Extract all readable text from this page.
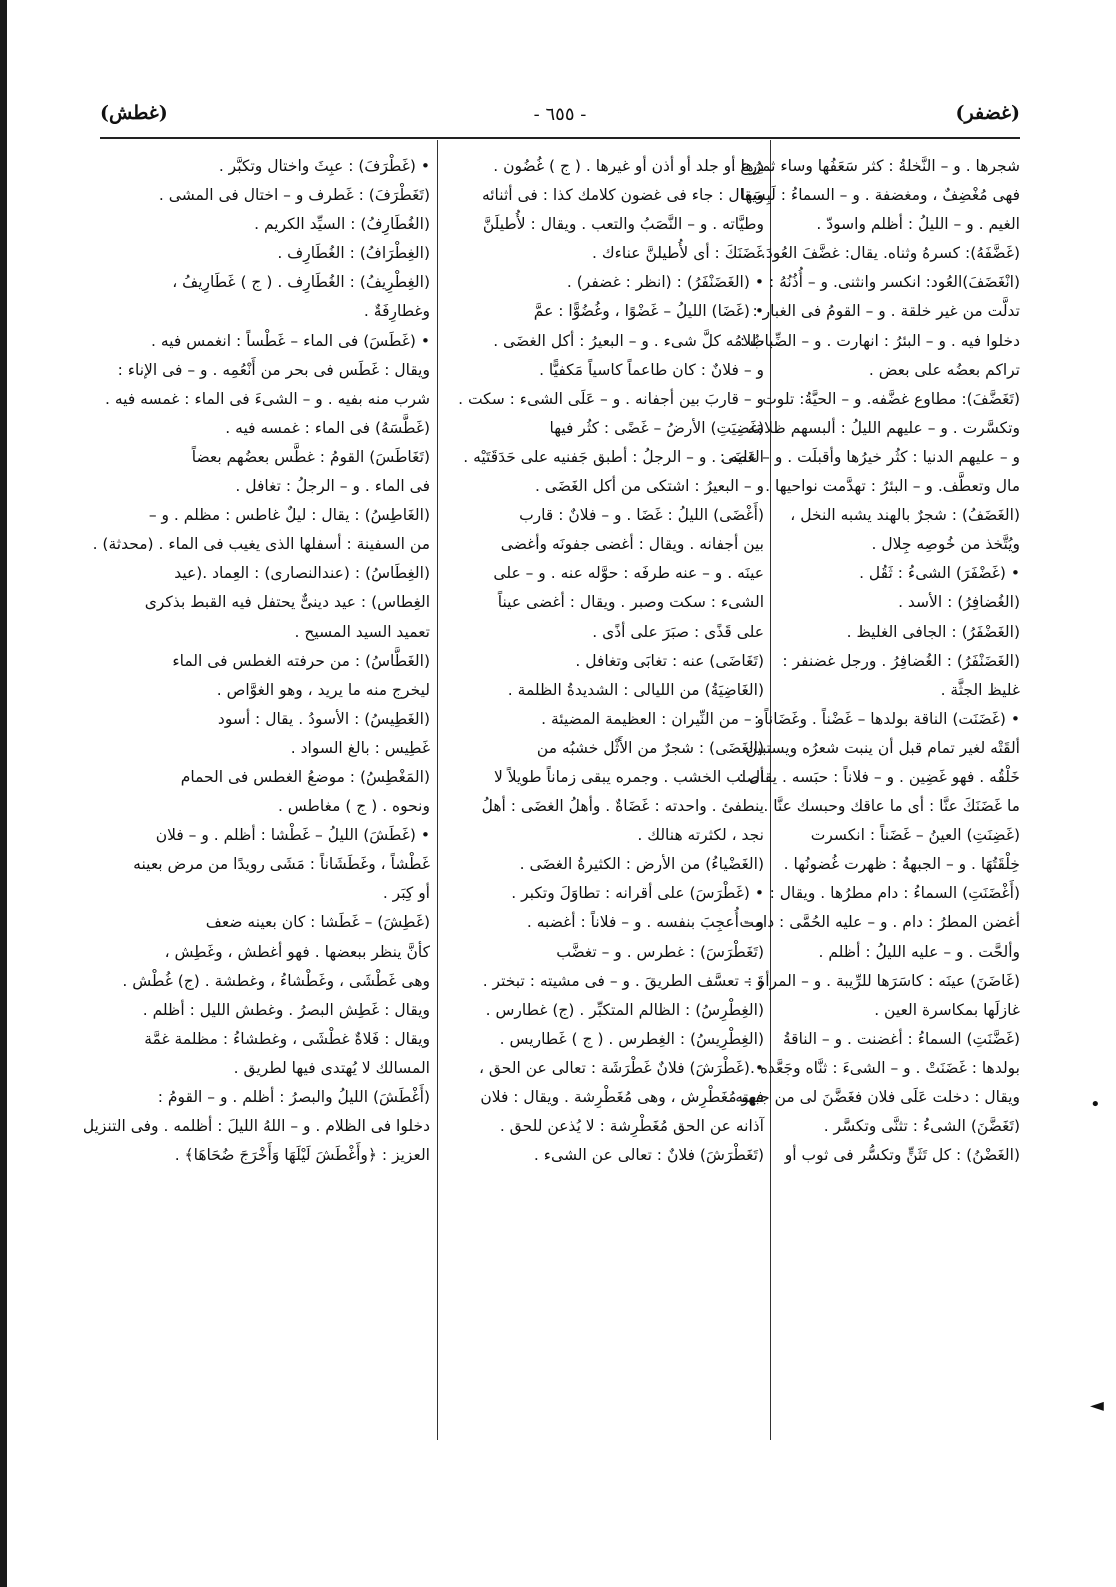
(غضفر)
- ٦٥٥ -
(غطش)
شجرها . و – النَّخلةُ : كثر سَعَفُها وساء ثمرُها .
فهى مُغْضِفٌ ، ومغضفة . و – السماءُ : لَبِسَها
الغيم . و – الليلُ : أظلم واسودّ .
(غَضَّفَهُ): كسرهُ وثناه. يقال: غضَّفَ العُودَ.
(انْغَضَفَ)العُود: انكسر وانثنى. و – أُذُنُهُ :
تدلَّت من غير خلقة . و – القومُ فى الغبار :
دخلوا فيه . و – البئرُ : انهارت . و – الضِّبابُ :
تراكم بعضُه على بعض .
(تَغَضَّفَ): مطاوع غضَّفه. و – الحيَّةُ: تلوت
وتكسَّرت . و – عليهم الليلُ : ألبسهم ظلامَه .
و – عليهم الدنيا : كثُر خيرُها وأقبلَت . و – عليه :
مال وتعطَّف. و – البئرُ : تهدَّمت نواحيها .
(الغَضَفُ) : شجرٌ بالهند يشبه النخل ،
ويُتَّخذ من خُوصِه جِلال .
• (غَضْفَرَ) الشىءُ : ثَقُل .
(الغُضافِرُ) : الأسد .
(الغَضْفَرُ) : الجافى الغليظ .
(الغَضَنْفَرُ) : الغُضافِرُ . ورجل غضنفر :
غليظ الجثَّة .
• (غَضَنَت) الناقة بولدها – غَضْناً . وغَضَاناً :
ألقَتْه لغير تمام قبل أن ينبت شعرُه ويستبين
خَلْقُه . فهو غَضِين . و – فلاناً : حبَسه . يقال :
ما غَضَنَكَ عنَّا : أى ما عاقك وحبسك عنَّا .
(غَضِنَتِ) العينُ – غَضَناً : انكسرت
خِلْقَتُهَا . و – الجبهةُ : ظهرت غُضونُها .
(أَغْضَنَتِ) السماءُ : دام مطرُها . ويقال :
أغضن المطرُ : دام . و – عليه الحُمَّى : دامت
وألحَّت . و – عليه الليلُ : أظلم .
(غَاضَنَ) عينَه : كاسَرَها للرِّيبة . و – المرأةَ :
غازلَها بمكاسرة العين .
(غَضَّنَتِ) السماءُ : أغضنت . و – الناقةُ
بولدها : غَضَنَتْ . و – الشىءَ : ثنَّاه وجَعَّده .
ويقال : دخلت عَلَى فلان فغَضَّنَ لى من جبهته .
(تَغَضَّنَ) الشىءُ : تثنَّى وتكسَّر .
(الغَضْنُ) : كل تَثَنٍّ وتكسُّر فى ثوب أو
دِرع أو جلد أو أذن أو غيرها . ( ج ) غُضُون .
ويقال : جاء فى غضون كلامك كذا : فى أثنائه
وطيَّاته . و – النَّصَبُ والتعب . ويقال : لأُطيلَنَّ
غَضَنَكَ : أى لأُطيلنَّ عناءك .
• (الغَضَنْفَرُ) : (انظر : غضفر) .
• (غَضَا) الليلُ – غَضْوًا ، وغُضُوًّا : عمَّ
ظلامُه كلَّ شىء . و – البعيرُ : أكل الغضَى .
و – فلانٌ : كان طاعماً كاسياً مَكفيًّا .
و – قاربَ بين أجفانه . و – عَلَى الشىء : سكت .
(غَضِيَتِ) الأرضُ – غَضًى : كثُر فيها
الغَضَى . و – الرجلُ : أطبق جَفنيه على حَدَقَتَيْه .
و – البعيرُ : اشتكى من أكل الغَضَى .
(أَغْضَى) الليلُ : غَضَا . و – فلانٌ : قارب
بين أجفانه . ويقال : أغضى جفونَه وأغضى
عينَه . و – عنه طرفَه : حوَّله عنه . و – على
الشىء : سكت وصبر . ويقال : أغضى عيناً
على قَذًى : صبَرَ على أذًى .
(تَغَاضَى) عنه : تغابَى وتغافل .
(الغَاضِيَةُ) من الليالى : الشديدةُ الظلمة .
و – من النِّيران : العظيمة المضيئة .
(الغَضَى) : شجرٌ من الأَثْل خشبُه من
أصلب الخشب . وجمره يبقى زماناً طويلاً لا
ينطفئ . واحدته : غَضَاةٌ . وأهلُ الغضَى : أهلُ
نجد ، لكثرته هنالك .
(الغَضْياءُ) من الأرض : الكثيرةُ الغضَى .
• (غَطْرَسَ) على أقرانه : تطاوَلَ وتكبر .
و – أُعجِبَ بنفسه . و – فلاناً : أغضبه .
(تَغَطْرَسَ) : غطرس . و – تغضَّب
و – تعسَّف الطريقَ . و – فى مشيته : تبختر .
(الغِطْرِسُ) : الظالم المتكبِّر . (ج) غطارس .
(الغِطْرِيسُ) : الغِطرس . ( ج ) غَطاريس .
• (غَطْرَشَ) فلانٌ غَطْرَشَة : تعالى عن الحق ،
فهو مُغَطْرِش ، وهى مُغَطْرِشة . ويقال : فلان
آذانه عن الحق مُغَطْرِشة : لا يُذعن للحق .
(تَغَطْرَشَ) فلانٌ : تعالى عن الشىء .
• (غَطْرَفَ) : عبِثَ واختال وتكبَّر .
(تَغَطْرَفَ) : غَطرف و – اختال فى المشى .
(الغُطَارِفُ) : السيِّد الكريم .
(الغِطْرَافُ) : الغُطَارِف .
(الغِطْرِيفُ) : الغُطَارِف . ( ج ) غَطَارِيفُ ،
وغطارِفَةٌ .
• (غَطَسَ) فى الماء – غَطْساً : انغمس فيه .
ويقال : غَطَس فى بحر من أَنْعُمِه . و – فى الإناء :
شرب منه بفيه . و – الشىءَ فى الماء : غمسه فيه .
(غَطَّسَهُ) فى الماء : غمسه فيه .
(تَغَاطَسَ) القومُ : غطَّس بعضُهم بعضاً
فى الماء . و – الرجلُ : تغافل .
(الغَاطِسُ) : يقال : ليلٌ غاطس : مظلم . و –
من السفينة : أسفلها الذى يغيب فى الماء . (محدثة) .
(الغِطَاسُ) : (عندالنصارى) : العِماد .(عيد
الغِطاس) : عيد دينىٌّ يحتفل فيه القبط بذكرى
تعميد السيد المسيح .
(الغَطَّاسُ) : من حرفته الغطس فى الماء
ليخرج منه ما يريد ، وهو الغوَّاص .
(الغَطِيسُ) : الأسودُ . يقال : أسود
غَطِيس : بالغ السواد .
(المَغْطِسُ) : موضعُ الغطس فى الحمام
ونحوه . ( ج ) مغاطس .
• (غَطَشَ) الليلُ – غَطْشا : أظلم . و – فلان
غَطْشاً ، وغَطَشَاناً : مَشَى رويدًا من مرض بعينه
أو كِبَر .
(غَطِشَ) – غَطَشا : كان بعينه ضعف
كأنَّ ينظر ببعضها . فهو أغطش ، وغَطِش ،
وهى غَطْشَى ، وغَطْشاءُ ، وغطشة . (ج) غُطْش .
ويقال : غَطِش البصرُ . وغطش الليل : أظلم .
ويقال : فَلاةٌ غطْشَى ، وغطشاءُ : مظلمة غمَّة
المسالك لا يُهتدى فيها لطريق .
(أَغْطَشَ) الليلُ والبصرُ : أظلم . و – القومُ :
دخلوا فى الظلام . و – اللهُ الليلَ : أظلمه . وفى التنزيل
العزيز : ﴿وأَغْطَشَ لَيْلَهَا وَأَخْرَجَ ضُحَاهَا﴾ .
•
◄
